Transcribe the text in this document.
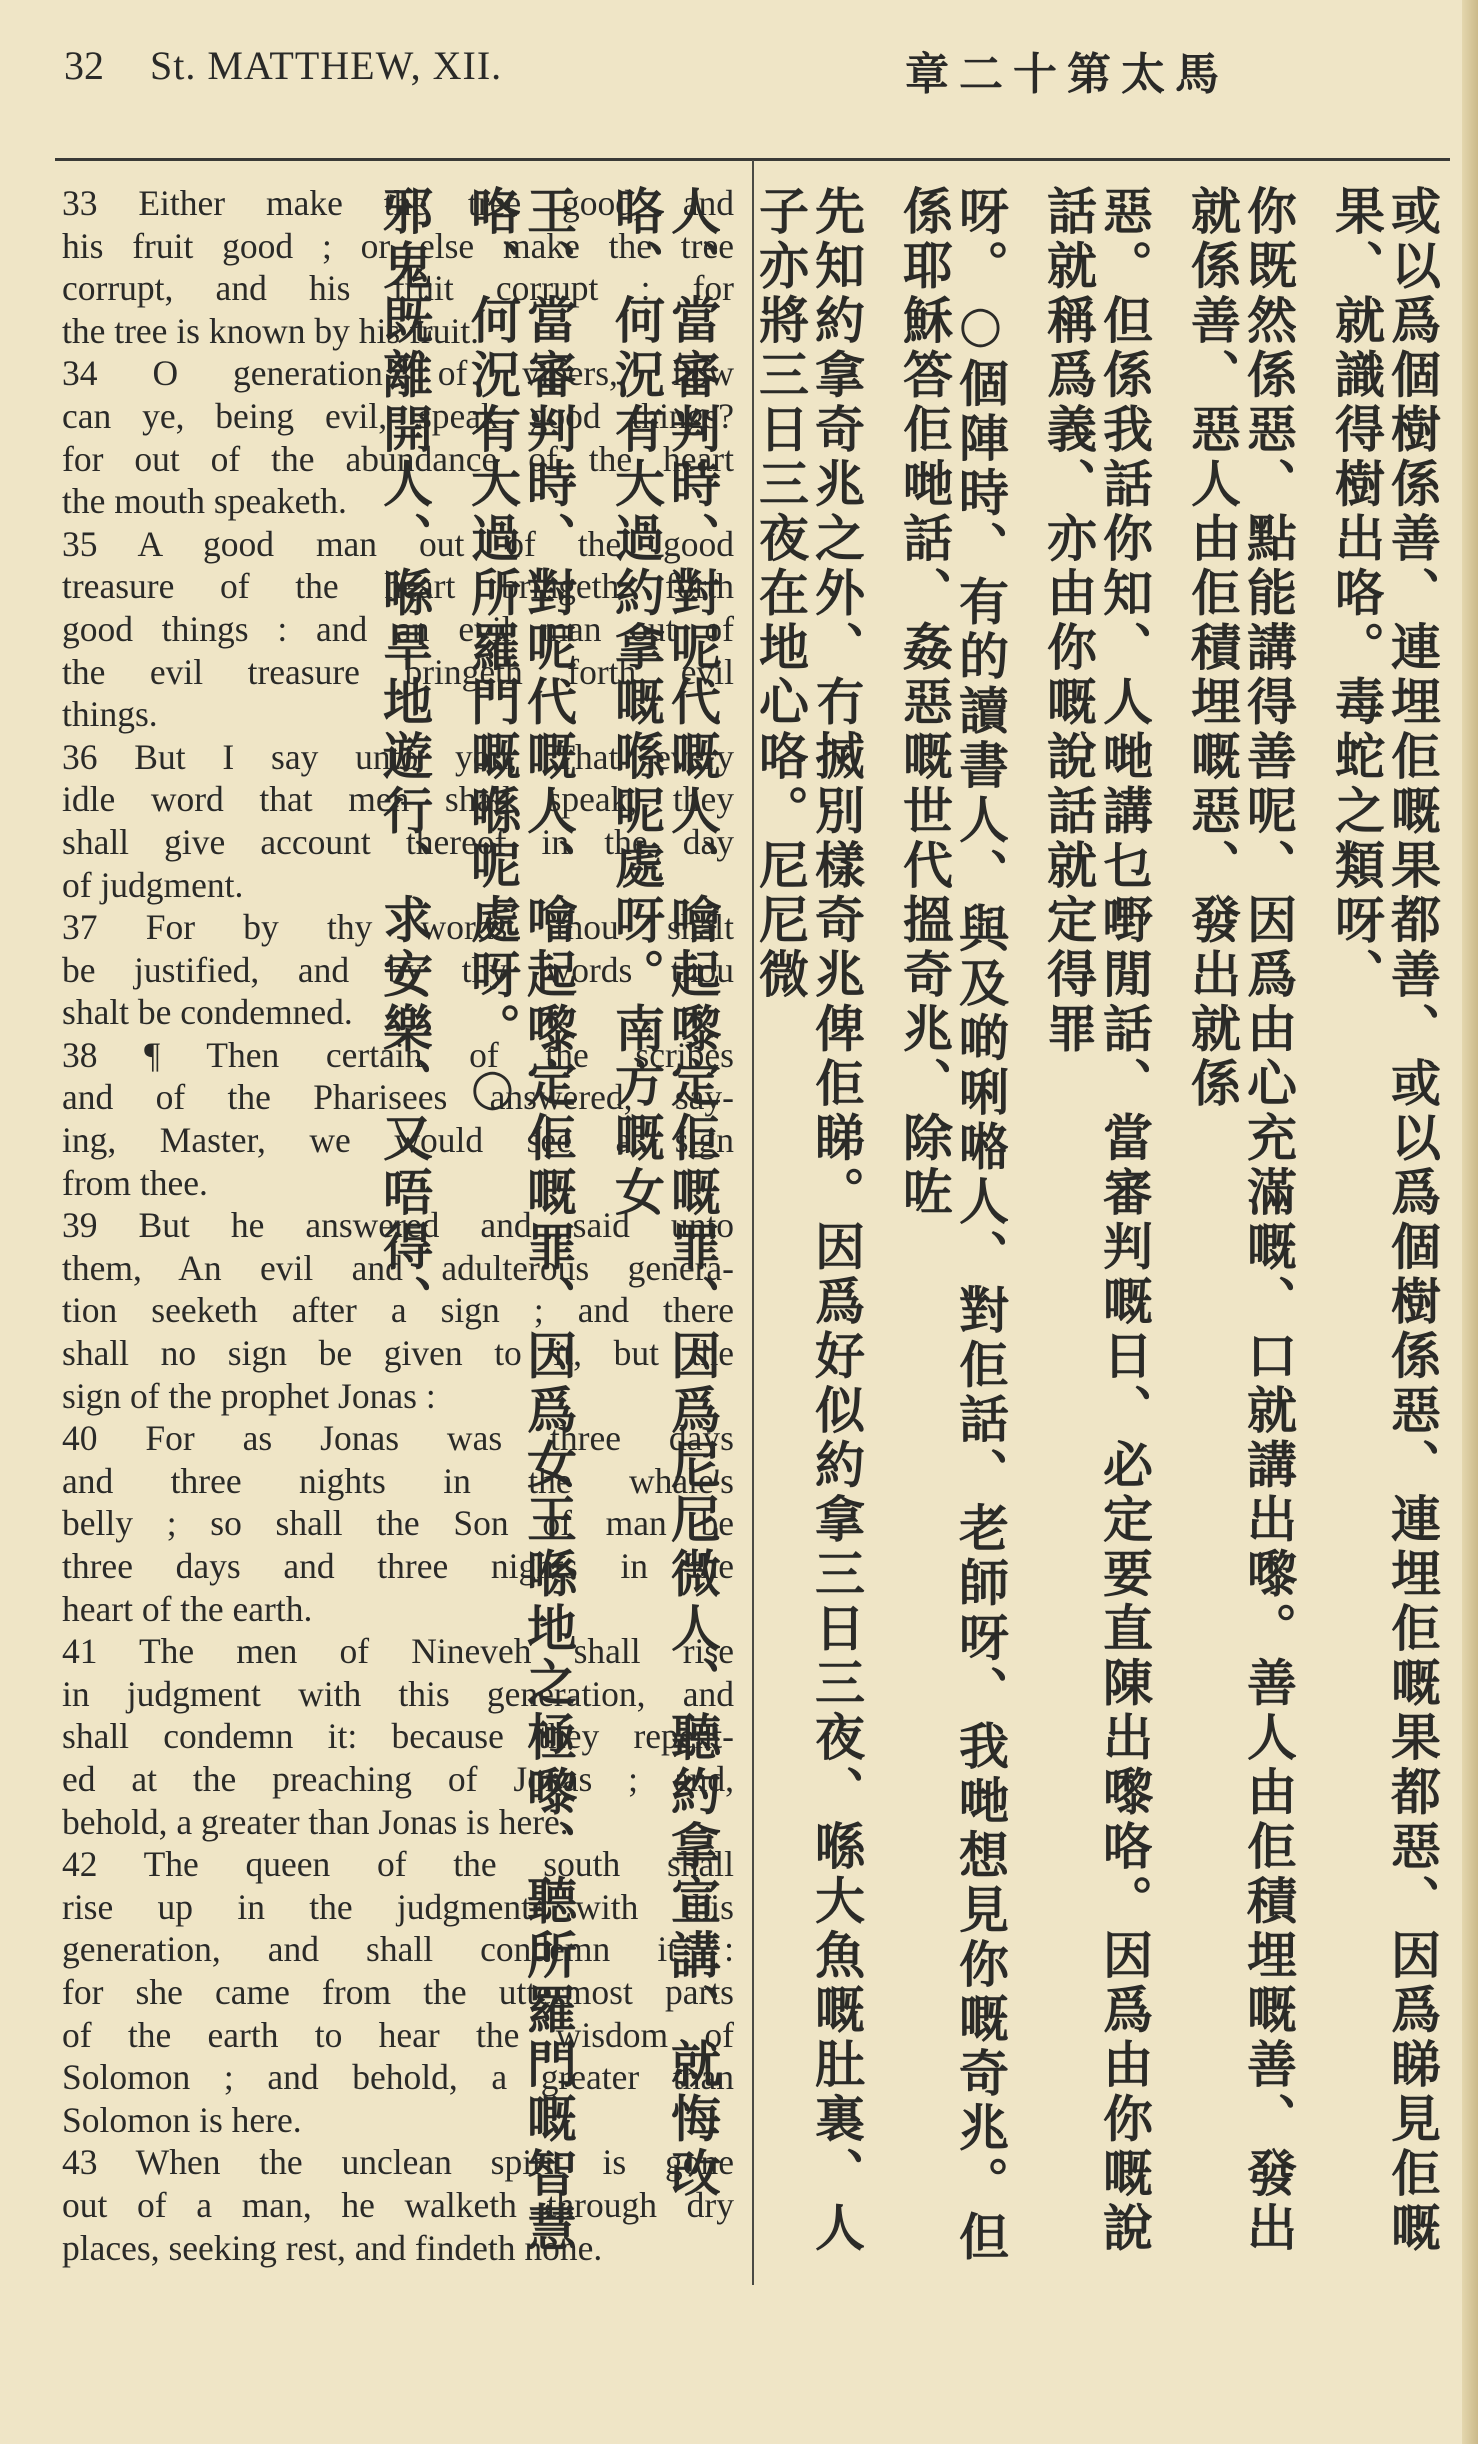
32 St. MATTHEW, XII.	馬太第十二章
33 Either make the tree good, and
his fruit good ; or else make the tree
corrupt, and his fruit corrupt : for
the tree is known by his fruit.
34 O generation of vipers, how
can ye, being evil, speak good things?
for out of the abundance of the heart
the mouth speaketh.
35 A good man out of the good
treasure of the heart bringeth forth
good things : and an evil man out of
the evil treasure bringeth forth evil
things.
36 But I say unto you, That every
idle word that men shall speak, they
shall give account thereof in the day
of judgment.
37 For by thy words thou shalt
be justified, and by thy words thou
shalt be condemned.
38 ¶ Then certain of the scribes
and of the Pharisees answered, say-
ing, Master, we would see a sign
from thee.
39 But he answered and said unto
them, An evil and adulterous genera-
tion seeketh after a sign ; and there
shall no sign be given to it, but the
sign of the prophet Jonas :
40 For as Jonas was three days
and three nights in the whale's
belly ; so shall the Son of man be
three days and three nights in the
heart of the earth.
41 The men of Nineveh shall rise
in judgment with this generation, and
shall condemn it: because they repent-
ed at the preaching of Jonas ; and,
behold, a greater than Jonas is here.
42 The queen of the south shall
rise up in the judgment with this
generation, and shall condemn it :
for she came from the uttermost parts
of the earth to hear the wisdom of
Solomon ; and behold, a greater than
Solomon is here.
43 When the unclean spirit is gone
out of a man, he walketh through dry
places, seeking rest, and findeth none.	或以爲個樹係善、連埋佢嘅果都善、或以爲個樹係惡、連埋佢嘅果都惡、因爲睇見佢嘅果、就識得樹出咯。毒蛇之類呀、
你既然係惡、點能講得善呢、因爲由心充滿嘅、口就講出嚟。善人由佢積埋嘅善、發出就係善、惡人由佢積埋嘅惡、發出就係
惡。但係我話你知、人哋講乜嘢閒話、當審判嘅日、必定要直陳出嚟咯。因爲由你嘅說話就稱爲義、亦由你嘅說話就定得罪
呀。○個陣時、有的讀書人、與及啲唎𠺝人、對佢話、老師呀、我哋想見你嘅奇兆。但係耶穌答佢哋話、姦惡嘅世代搵奇兆、除咗
先知約拿奇兆之外、冇搣別樣奇兆俾佢睇。因爲好似約拿三日三夜、喺大魚嘅肚裏、人子亦將三日三夜在地心咯。尼尼微
人、當審判時、對呢代嘅人、噲起嚟定佢嘅罪、因爲尼尼微人、聽約拿宣講、就悔改咯、何況有大過約拿嘅喺呢處呀。南方嘅女
王、當審判時、對呢代嘅人、噲起嚟定佢嘅罪、因爲女王喺地之極嚟、聽所羅門嘅智慧咯、何況有大過所羅門嘅喺呢處呀。○
邪鬼既離開人、喺旱地遊行、求安樂、又唔得、
